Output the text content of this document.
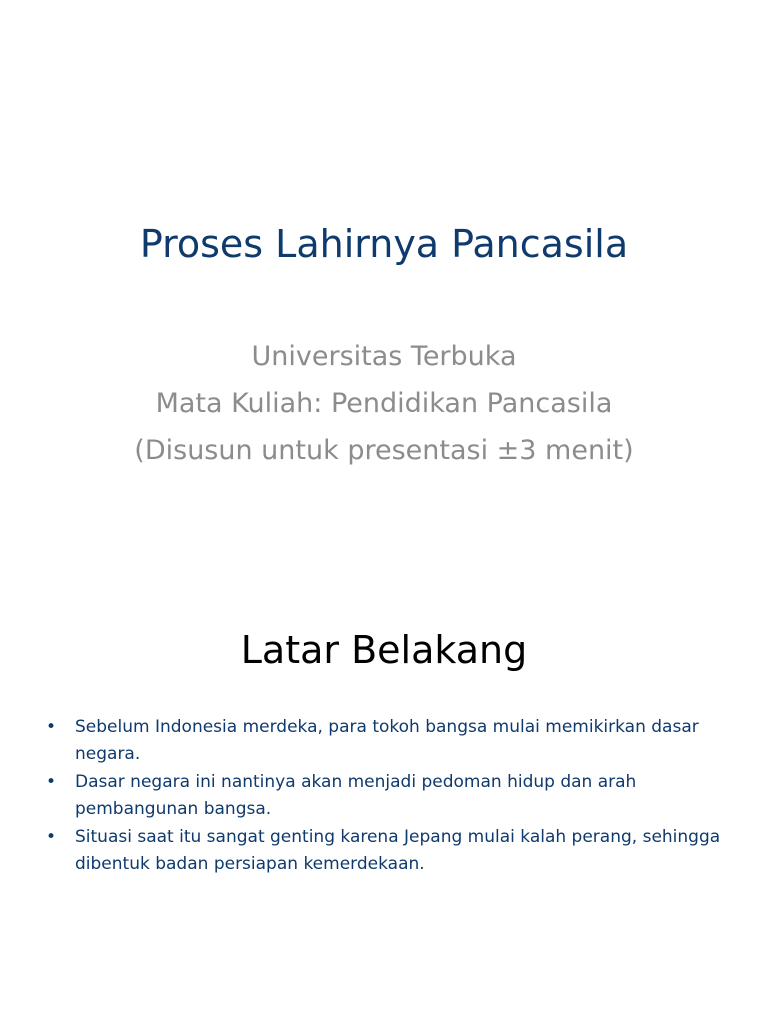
Proses Lahirnya Pancasila
Universitas Terbuka
Mata Kuliah: Pendidikan Pancasila
(Disusun untuk presentasi ±3 menit)
Latar Belakang
• Sebelum Indonesia merdeka, para tokoh bangsa mulai memikirkan dasar negara.
• Dasar negara ini nantinya akan menjadi pedoman hidup dan arah pembangunan bangsa.
• Situasi saat itu sangat genting karena Jepang mulai kalah perang, sehingga dibentuk badan persiapan kemerdekaan.
